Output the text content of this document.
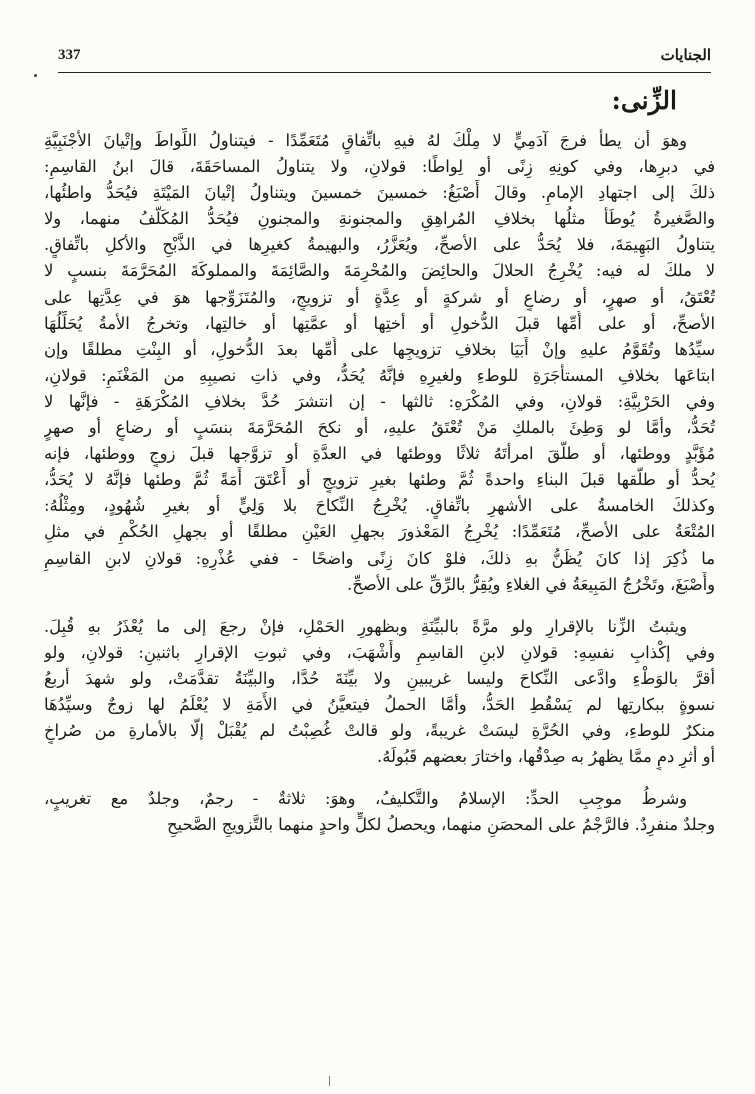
337	الجنايات
الزِّنى:
وهوَ أن يطأَ فرجَ آدَمِيٍّ لا مِلْكَ لهُ فيهِ باتِّفاقٍ مُتَعَمِّدًا - فيتناولُ اللِّواطَ وإتْيانَ الأجْنَبِيَّةِ
في دبرِها، وفي كونِهِ زِنًى أو لِواطًا: قولانِ، ولا يتناولُ المساحَقَةَ، قالَ ابنُ القاسِمِ:
ذلكَ إلى اجتهادِ الإمامِ. وقالَ أَصْبَغُ: خمسينَ خمسينَ ويتناولُ إتْيانَ المَيْتَةِ فيُحَدُّ واطئُها،
والصَّغيرةُ يُوطَأُ مثلُها بخلافِ المُراهِقِ والمجنونةِ والمجنونِ فيُحَدُّ المُكَلَّفُ منهما، ولا
يتناولُ البَهِيمَةَ، فلا يُحَدُّ على الأصحِّ، ويُعَزَّرُ، والبهيمةُ كغيرِها في الذَّبْحِ والأكلِ باتِّفاقٍ.
لا ملكَ له فيه: يُخْرِجُ الحلالَ والحائِضَ والمُحْرِمَةَ والصَّائِمَةَ والمملوكَةَ المُحَرَّمَةَ بنسبٍ لا
تُعْتَقُ، أو صهرٍ، أو رضاعٍ أو شركةٍ أو عِدَّةٍ أو تزويجٍ، والمُتَزَوِّجها هوَ في عِدَّتِها على
الأصحِّ، أو على أُمِّها قبلَ الدُّخولِ أو أختِها أو عمَّتِها أو خالتِها، وتخرجُ الأمةُ يُحَلِّلُهَا
سيِّدُها وتُقَوَّمُ عليهِ وإنْ أَبَيَا بخلافِ تزويجِها على أُمِّها بعدَ الدُّخولِ، أو البِنْتِ مطلقًا وإن
ابتاعَها بخلافِ المستأجَرَةِ للوطءِ ولغيرِهِ فإنَّهُ يُحَدُّ، وفي ذاتِ نصيبِهِ من المَغْنَمِ: قولانِ،
وفي الحَرْبِيَّةِ: قولانِ، وفي المُكْرَهِ: ثالثها - إن انتشرَ حُدَّ بخلافِ المُكْرَهَةِ - فإنَّها لا
تُحَدُّ، وأمَّا لو وَطِئَ بالملكِ مَنْ تُعْتَقُ عليهِ، أو نكحَ المُحَرَّمَةَ بنسَبٍ أو رضاعٍ أو صهرٍ
مُؤَبَّدٍ ووطئها، أو طلَّقَ امرأتَهُ ثلاثًا ووطئها في العدَّةِ أو تزوَّجها قبلَ زوجٍ ووطئها، فإنه
يُحدُّ أو طلَّقها قبلَ البناءِ واحدةً ثُمَّ وطئها بغيرِ تزويجٍ أو أَعْتَقَ أَمَةً ثُمَّ وطئها فإنَّهُ لا يُحَدُّ،
وكذلكَ الخامسةُ على الأشهرِ باتِّفاقٍ. يُخْرِجُ النِّكاحَ بلا وَلِيٍّ أو بغيرِ شُهُودٍ، ومِثْلُهُ:
المُتْعَةُ على الأصحِّ، مُتَعَمِّدًا: يُخْرِجُ المَعْذورَ بجهلِ العَيْنِ مطلقًا أو بجهلِ الحُكْمِ في مثلِ
ما ذُكِرَ إذا كانَ يُظَنُّ بهِ ذلكَ، فلوْ كانَ زِنًى واضحًا - ففي عُذْرِهِ: قولانِ لابنِ القاسِمِ
وأَصْبَغَ، وتَخْرُجُ المَبِيعَةُ في الغلاءِ ويُقِرُّ بالرِّقِّ على الأصحِّ.
ويثبتُ الزِّنا بالإقرارِ ولو مرَّةً بالبيِّنَةِ وبظهورِ الحَمْلِ، فإنْ رجعَ إلى ما يُعْذَرُ بهِ قُبِلَ.
وفي إكْذابِ نفسِهِ: قولانِ لابنِ القاسِمِ وأَشْهَبَ، وفي ثبوتِ الإقرارِ باثنينِ: قولانِ، ولو
أقرَّ بالوَطْءِ وادَّعى النِّكاحَ وليسا غريبينِ ولا بيِّنَةَ حُدَّا، والبيِّنَةُ تقدَّمَتْ، ولو شهدَ أربعُ
نسوةٍ ببكارتِها لم يَسْقُطِ الحَدُّ، وأمَّا الحملُ فيتعيَّنُ في الأَمَةِ لا يُعْلَمُ لها زوجٌ وسيِّدُهَا
منكرٌ للوطءِ، وفي الحُرَّةِ ليسَتْ غريبةً، ولو قالتْ غُصِبْتُ لم يُقْبَلْ إلَّا بالأمارةِ من صُراخٍ
أو أثرِ دمٍ ممَّا يظهرُ به صِدْقُها، واختارَ بعضهم قَبُولَهُ.
وشرطُ موجِبِ الحدِّ: الإسلامُ والتَّكليفُ، وهوَ: ثلاثةٌ - رجمٌ، وجلدٌ مع تغريبٍ،
وجلدٌ منفرِدٌ. فالرَّجْمُ على المحصَنِ منهما، ويحصلُ لكلٍّ واحدٍ منهما بالتَّزويجِ الصَّحيحِ
